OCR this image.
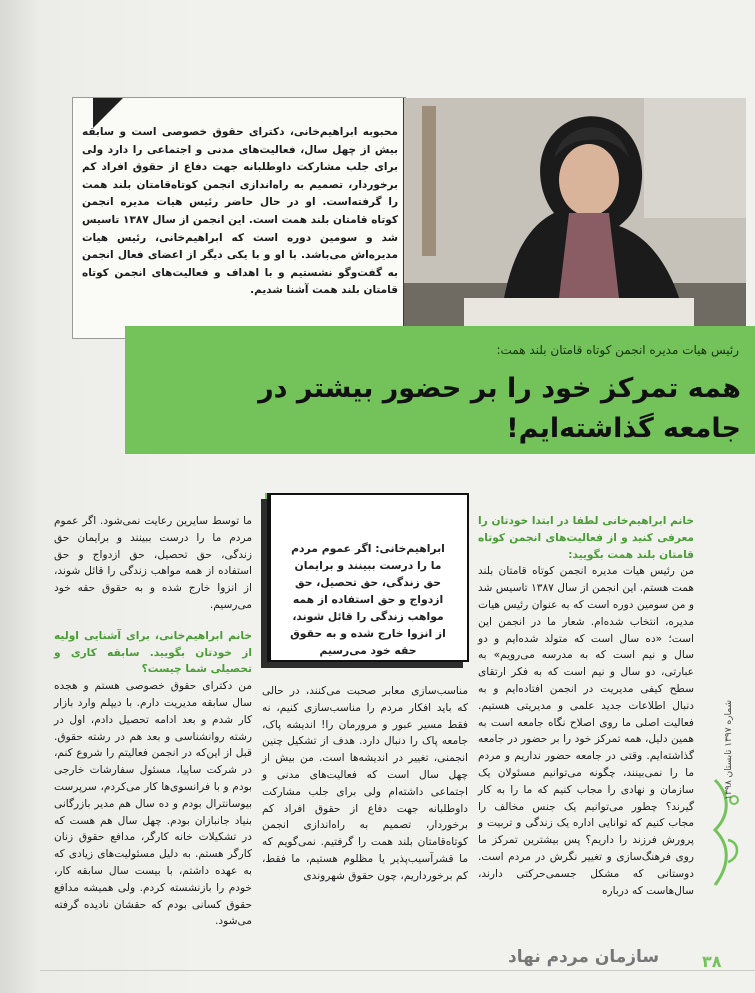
محبوبه ابراهیم‌خانی، دکترای حقوق خصوصی است و سابقه بیش از چهل سال، فعالیت‌های مدنی و اجتماعی را دارد ولی برای جلب مشارکت داوطلبانه جهت دفاع از حقوق افراد کم برخوردار، تصمیم به راه‌اندازی انجمن کوتاه‌قامتان بلند همت را گرفته‌است. او در حال حاضر رئیس هیات مدیره انجمن کوتاه قامتان بلند همت است. این انجمن از سال ۱۳۸۷ تاسیس شد و سومین دوره است که ابراهیم‌خانی، رئیس هیات مدیره‌اش می‌باشد. با او و با یکی دیگر از اعضای فعال انجمن به گفت‌وگو نشستیم و با اهداف و فعالیت‌های انجمن کوتاه قامتان بلند همت آشنا شدیم.
رئیس هیات مدیره انجمن کوتاه قامتان بلند همت:
همه تمرکز خود را بر حضور بیشتر در جامعه گذاشته‌ایم!
خانم ابراهیم‌خانی لطفا در ابتدا خودتان را معرفی کنید و از فعالیت‌های انجمن کوتاه قامتان بلند همت بگویید:
من رئیس هیات مدیره انجمن کوتاه قامتان بلند همت هستم. این انجمن از سال ۱۳۸۷ تاسیس شد و من سومین دوره است که به عنوان رئیس هیات مدیره، انتخاب شده‌ام. شعار ما در انجمن این است؛ «ده سال است که متولد شده‌ایم و دو سال و نیم است که به مدرسه می‌رویم» به عبارتی، دو سال و نیم است که به فکر ارتقای سطح کیفی مدیریت در انجمن افتاده‌ایم و به دنبال اطلاعات جدید علمی و مدیریتی هستیم. فعالیت اصلی ما روی اصلاح نگاه جامعه است به همین دلیل، همه تمرکز خود را بر حضور در جامعه گذاشته‌ایم. وقتی در جامعه حضور نداریم و مردم ما را نمی‌بینند، چگونه می‌توانیم مسئولان یک سازمان و نهادی را مجاب کنیم که ما را به کار گیرند؟ چطور می‌توانیم یک جنس مخالف را مجاب کنیم که توانایی اداره یک زندگی و تربیت و پرورش فرزند را داریم؟ پس بیشترین تمرکز ما روی فرهنگ‌سازی و تغییر نگرش در مردم است. دوستانی که مشکل جسمی‌حرکتی دارند، سال‌هاست که درباره
ابراهیم‌خانی: اگر عموم مردم ما را درست ببینند و برایمان حق زندگی، حق تحصیل، حق ازدواج و حق استفاده از همه مواهب زندگی را قائل شوند، از انزوا خارج شده و به حقوق حقه خود می‌رسیم
مناسب‌سازی معابر صحبت می‌کنند، در حالی که باید افکار مردم را مناسب‌سازی کنیم، نه فقط مسیر عبور و مرورمان را! اندیشه پاک، جامعه پاک را دنبال دارد. هدف از تشکیل چنین انجمنی، تغییر در اندیشه‌ها است. من بیش از چهل سال است که فعالیت‌های مدنی و اجتماعی داشته‌ام ولی برای جلب مشارکت داوطلبانه جهت دفاع از حقوق افراد کم برخوردار، تصمیم به راه‌اندازی انجمن کوتاه‌قامتان بلند همت را گرفتیم. نمی‌گویم که ما قشرآسیب‌پذیر یا مظلوم هستیم، ما فقط، کم برخورداریم، چون حقوق شهروندی
ما توسط سایرین رعایت نمی‌شود. اگر عموم مردم ما را درست ببینند و برایمان حق زندگی، حق تحصیل، حق ازدواج و حق استفاده از همه مواهب زندگی را قائل شوند، از انزوا خارج شده و به حقوق حقه خود می‌رسیم.
خانم ابراهیم‌خانی، برای آشنایی اولیه از خودتان بگویید. سابقه کاری و تحصیلی شما چیست؟
من دکترای حقوق خصوصی هستم و هجده سال سابقه مدیریت دارم. با دیپلم وارد بازار کار شدم و بعد ادامه تحصیل دادم، اول در رشته روانشناسی و بعد هم در رشته حقوق. قبل از این‌که در انجمن فعالیتم را شروع کنم، در شرکت ساپیا، مسئول سفارشات خارجی بودم و با فرانسوی‌ها کار می‌کردم، سرپرست بیوسانترال بودم و ده سال هم مدیر بازرگانی بنیاد جانبازان بودم. چهل سال هم هست که در تشکیلات خانه کارگر، مدافع حقوق زنان کارگر هستم. به دلیل مسئولیت‌های زیادی که به عهده داشتم، با بیست سال سابقه کار، خودم را بازنشسته کردم. ولی همیشه مدافع حقوق کسانی بودم که حقشان نادیده گرفته می‌شود.
شماره ۱۳۹۷ تابستان ۱۳۹۸
سازمان مردم نهاد	۳۸
